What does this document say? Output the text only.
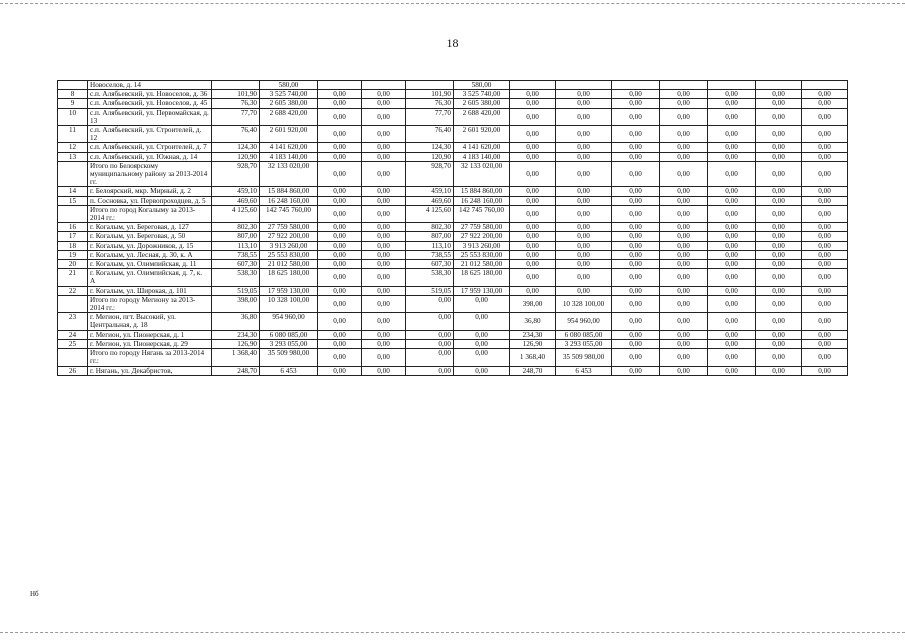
18
	Новоселов, д. 14		580,00				580,00							
8	с.п. Алябьевский, ул. Новоселов, д. 36	101,90	3 525 740,00	0,00	0,00	101,90	3 525 740,00	0,00	0,00	0,00	0,00	0,00	0,00	0,00
9	с.п. Алябьевский, ул. Новоселов, д. 45	76,30	2 605 380,00	0,00	0,00	76,30	2 605 380,00	0,00	0,00	0,00	0,00	0,00	0,00	0,00
10	с.п. Алябьевский, ул. Первомайская, д. 13	77,70	2 688 420,00	0,00	0,00	77,70	2 688 420,00	0,00	0,00	0,00	0,00	0,00	0,00	0,00
11	с.п. Алябьевский, ул. Строителей, д. 12	76,40	2 601 920,00	0,00	0,00	76,40	2 601 920,00	0,00	0,00	0,00	0,00	0,00	0,00	0,00
12	с.п. Алябьевский, ул. Строителей, д. 7	124,30	4 141 620,00	0,00	0,00	124,30	4 141 620,00	0,00	0,00	0,00	0,00	0,00	0,00	0,00
13	с.п. Алябьевский, ул. Южная, д. 14	120,90	4 183 140,00	0,00	0,00	120,90	4 183 140,00	0,00	0,00	0,00	0,00	0,00	0,00	0,00
	Итого по Белоярскому муниципальному району за 2013-2014 гг.	928,70	32 133 020,00	0,00	0,00	928,70	32 133 020,00	0,00	0,00	0,00	0,00	0,00	0,00	0,00
14	г. Белоярский, мкр. Мирный, д. 2	459,10	15 884 860,00	0,00	0,00	459,10	15 884 860,00	0,00	0,00	0,00	0,00	0,00	0,00	0,00
15	п. Сосновка, ул. Первопроходцев, д. 5	469,60	16 248 160,00	0,00	0,00	469,60	16 248 160,00	0,00	0,00	0,00	0,00	0,00	0,00	0,00
	Итого по город Когалыму за 2013-2014 гг.:	4 125,60	142 745 760,00	0,00	0,00	4 125,60	142 745 760,00	0,00	0,00	0,00	0,00	0,00	0,00	0,00
16	г. Когалым, ул. Береговая, д. 127	802,30	27 759 580,00	0,00	0,00	802,30	27 759 580,00	0,00	0,00	0,00	0,00	0,00	0,00	0,00
17	г. Когалым, ул. Береговая, д. 50	807,00	27 922 200,00	0,00	0,00	807,00	27 922 200,00	0,00	0,00	0,00	0,00	0,00	0,00	0,00
18	г. Когалым, ул. Дорожников, д. 15	113,10	3 913 260,00	0,00	0,00	113,10	3 913 260,00	0,00	0,00	0,00	0,00	0,00	0,00	0,00
19	г. Когалым, ул. Лесная, д. 30, к. А	738,55	25 553 830,00	0,00	0,00	738,55	25 553 830,00	0,00	0,00	0,00	0,00	0,00	0,00	0,00
20	г. Когалым, ул. Олимпийская, д. 11	607,30	21 012 580,00	0,00	0,00	607,30	21 012 580,00	0,00	0,00	0,00	0,00	0,00	0,00	0,00
21	г. Когалым, ул. Олимпийская, д. 7, к. А	538,30	18 625 180,00	0,00	0,00	538,30	18 625 180,00	0,00	0,00	0,00	0,00	0,00	0,00	0,00
22	г. Когалым, ул. Широкая, д. 101	519,05	17 959 130,00	0,00	0,00	519,05	17 959 130,00	0,00	0,00	0,00	0,00	0,00	0,00	0,00
	Итого по городу Мегиону за 2013-2014 гг.:	398,00	10 328 100,00	0,00	0,00	0,00	0,00	398,00	10 328 100,00	0,00	0,00	0,00	0,00	0,00
23	г. Мегион, пгт. Высокий, ул. Центральная, д. 18	36,80	954 960,00	0,00	0,00	0,00	0,00	36,80	954 960,00	0,00	0,00	0,00	0,00	0,00
24	г. Мегион, ул. Пионерская, д. 1	234,30	6 080 085,00	0,00	0,00	0,00	0,00	234,30	6 080 085,00	0,00	0,00	0,00	0,00	0,00
25	г. Мегион, ул. Пионерская, д. 29	126,90	3 293 055,00	0,00	0,00	0,00	0,00	126,90	3 293 055,00	0,00	0,00	0,00	0,00	0,00
	Итого по городу Нягань за 2013-2014 гг.:	1 368,40	35 509 980,00	0,00	0,00	0,00	0,00	1 368,40	35 509 980,00	0,00	0,00	0,00	0,00	0,00
26	г. Нягань, ул. Декабристов,	248,70	6 453	0,00	0,00	0,00	0,00	248,70	6 453	0,00	0,00	0,00	0,00	0,00
Нб
